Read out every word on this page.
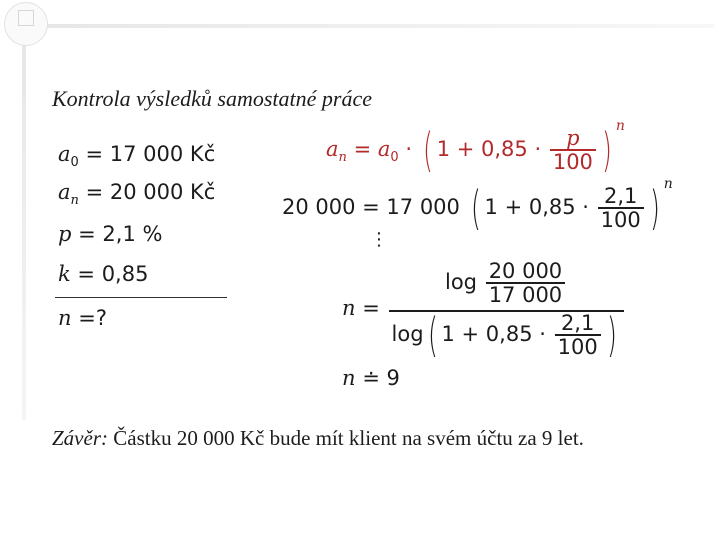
Kontrola výsledků samostatné práce
$a_0 = 17$ 000 Kč
$a_n = 20$ 000 Kč
p = 2,1 %
k = 0,85
n =?
$a_n = a_0$ · ( $1 + 0,85 \cdot \frac{p}{100}$ ) $^n$
20 000 = 17 000 ( $1 + 0,85 \cdot \frac{2,1}{100}$ ) $^n$
⋮
$n = \frac{\log \frac{20 000}{17 000}}{\log( 1 + 0,85 \cdot \frac{2,1}{100} )}$
n ≐ 9
Závěr: Částku 20 000 Kč bude mít klient na svém účtu za 9 let.
